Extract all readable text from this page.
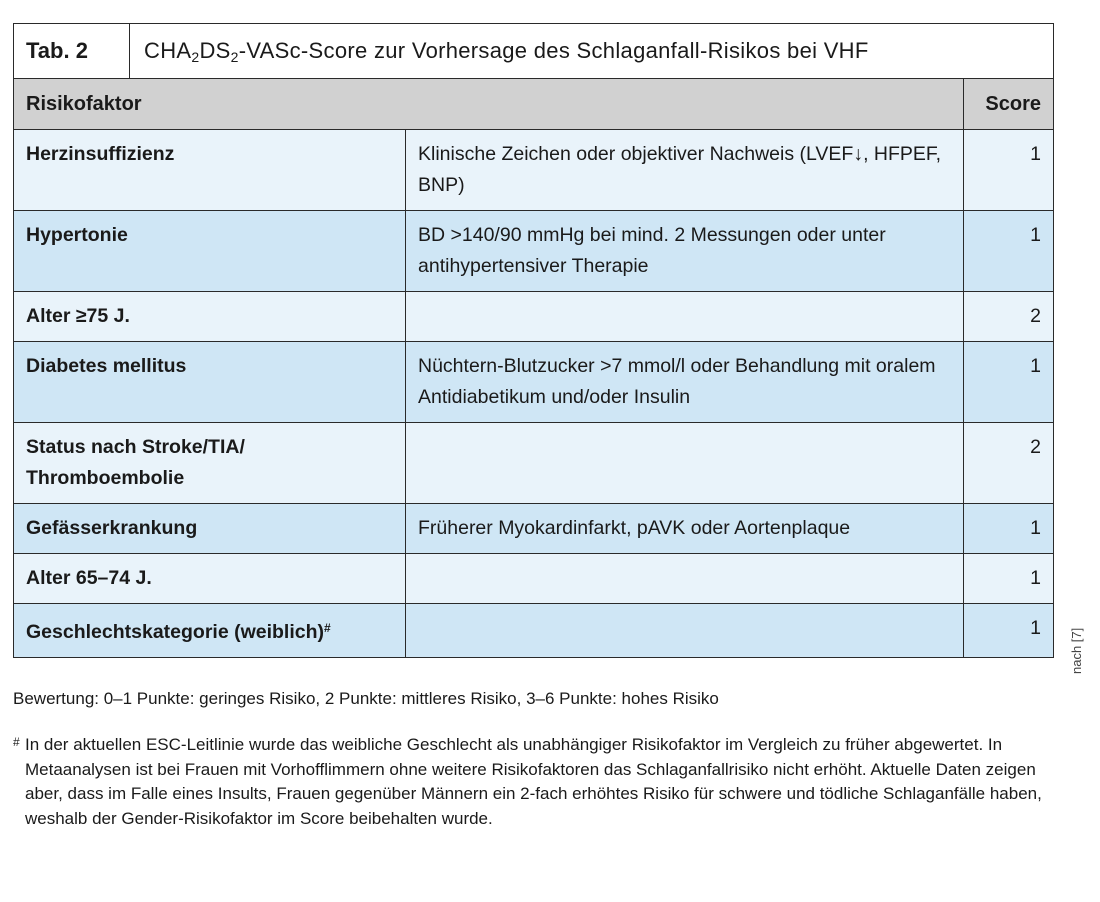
Tab. 2	$CHA_2DS_2-VASc$-Score zur Vorhersage des Schlaganfall-Risikos bei VHF		
Risikofaktor			Score
Herzinsuffizienz		Klinische Zeichen oder objektiver Nachweis (LVEF↓, HFPEF, BNP)	1
Hypertonie		BD >140/90 mmHg bei mind. 2 Messungen oder unter antihypertensiver Therapie	1
Alter ≥75 J.			2
Diabetes mellitus		Nüchtern-Blutzucker >7 mmol/l oder Behandlung mit oralem Antidiabetikum und/oder Insulin	1
Status nach Stroke/TIA/ Thromboembolie			2
Gefässerkrankung		Früherer Myokardinfarkt, pAVK oder Aortenplaque	1
Alter 65–74 J.			1
Geschlechtskategorie (weiblich)#			1 nach [7]
Bewertung: 0–1 Punkte: geringes Risiko, 2 Punkte: mittleres Risiko, 3–6 Punkte: hohes Risiko
# In der aktuellen ESC-Leitlinie wurde das weibliche Geschlecht als unabhängiger Risikofaktor im Vergleich zu früher abgewertet. In Metaanalysen ist bei Frauen mit Vorhofflimmern ohne weitere Risikofaktoren das Schlaganfallrisiko nicht erhöht. Aktuelle Daten zeigen aber, dass im Falle eines Insults, Frauen gegenüber Männern ein 2-fach erhöhtes Risiko für schwere und tödliche Schlaganfälle haben, weshalb der Gender-Risikofaktor im Score beibehalten wurde.
